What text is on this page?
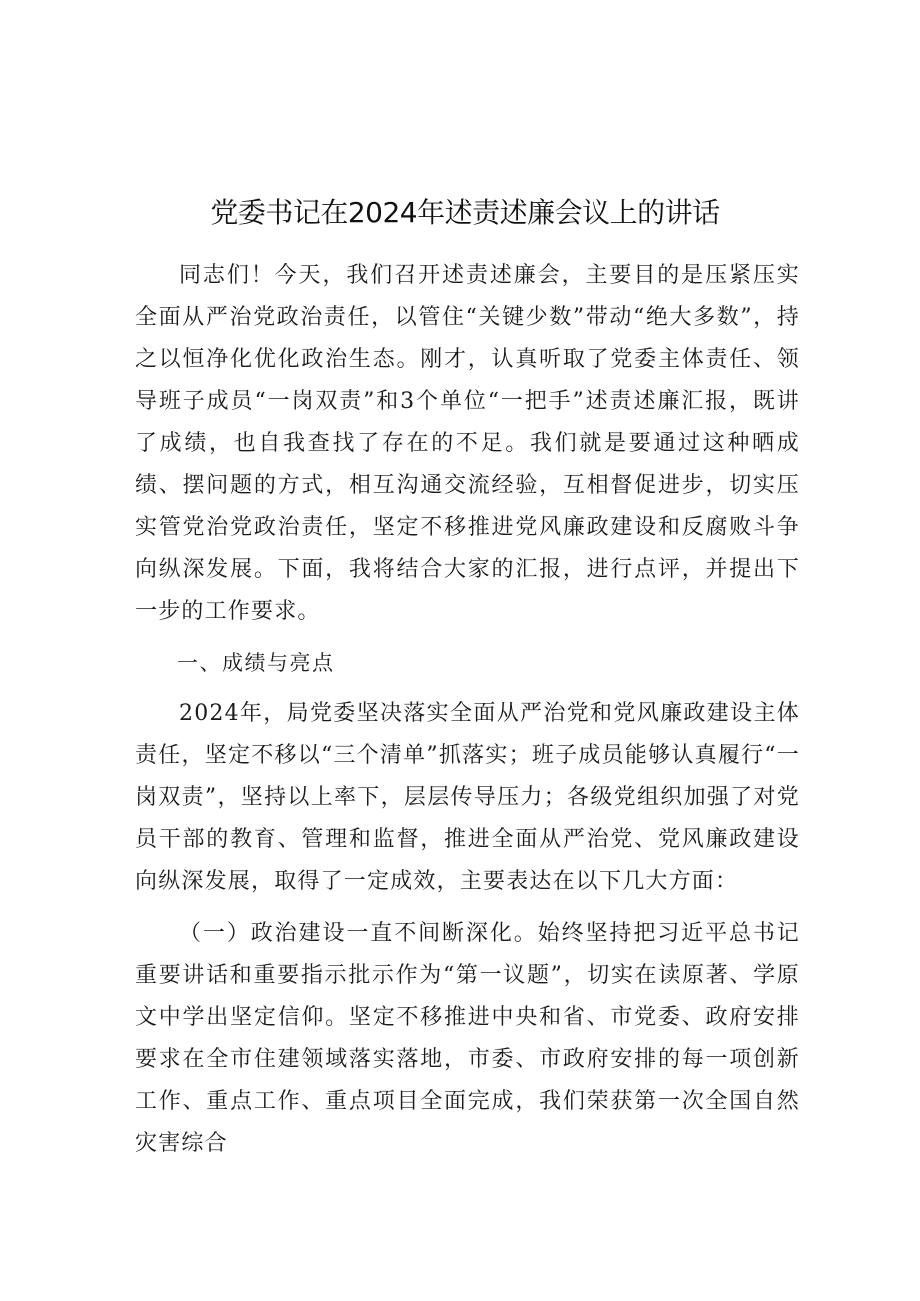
党委书记在2024年述责述廉会议上的讲话

同志们！今天，我们召开述责述廉会，主要目的是压紧压实全面从严治党政治责任，以管住“关键少数”带动“绝大多数”，持之以恒净化优化政治生态。刚才，认真听取了党委主体责任、领导班子成员“一岗双责”和3个单位“一把手”述责述廉汇报，既讲了成绩，也自我查找了存在的不足。我们就是要通过这种晒成绩、摆问题的方式，相互沟通交流经验，互相督促进步，切实压实管党治党政治责任，坚定不移推进党风廉政建设和反腐败斗争向纵深发展。下面，我将结合大家的汇报，进行点评，并提出下一步的工作要求。

一、成绩与亮点

2024年，局党委坚决落实全面从严治党和党风廉政建设主体责任，坚定不移以“三个清单”抓落实；班子成员能够认真履行“一岗双责”，坚持以上率下，层层传导压力；各级党组织加强了对党员干部的教育、管理和监督，推进全面从严治党、党风廉政建设向纵深发展，取得了一定成效，主要表达在以下几大方面：

（一）政治建设一直不间断深化。始终坚持把习近平总书记重要讲话和重要指示批示作为“第一议题”，切实在读原著、学原文中学出坚定信仰。坚定不移推进中央和省、市党委、政府安排要求在全市住建领域落实落地，市委、市政府安排的每一项创新工作、重点工作、重点项目全面完成，我们荣获第一次全国自然灾害综合
